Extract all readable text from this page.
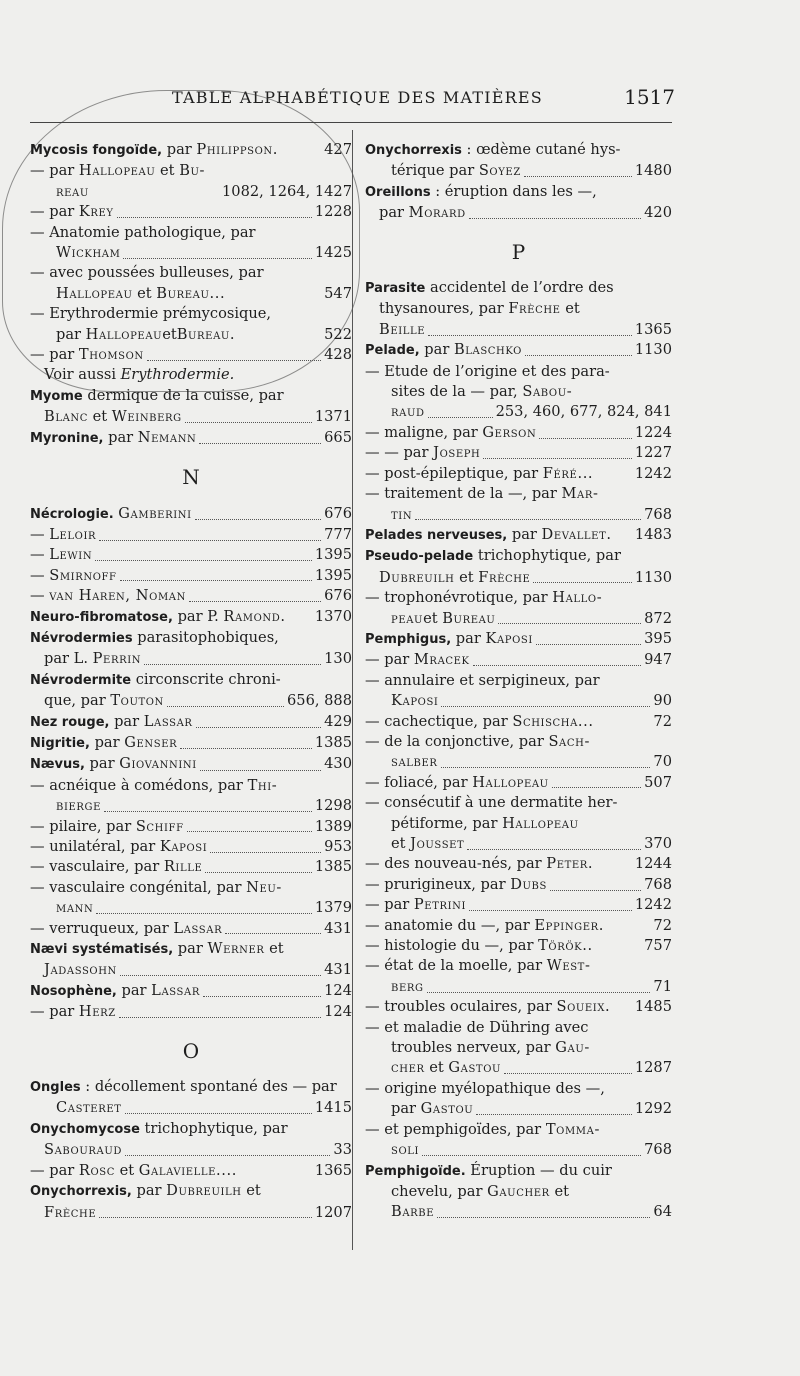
TABLE ALPHABÉTIQUE DES MATIÈRES	1517
Mycosis fongoïde, par Philippson.	427
— par Hallopeau et Bu-
reau	1082, 1264, 1427
— par Krey	1228
— Anatomie pathologique, par
Wickham	1425
— avec poussées bulleuses, par
Hallopeau et Bureau...	547
— Erythrodermie prémycosique,
par HallopeauetBureau.	522
— par Thomson	428
Voir aussi Erythrodermie.
Myome dermique de la cuisse, par
Blanc et Weinberg	1371
Myronine, par Nemann	665
N
Nécrologie. Gamberini	676
— Leloir	777
— Lewin	1395
— Smirnoff	1395
— van Haren, Noman	676
Neuro-fibromatose, par P. Ramond. 1370
Névrodermies parasitophobiques,
par L. Perrin	130
Névrodermite circonscrite chroni-
que, par Touton	656, 888
Nez rouge, par Lassar	429
Nigritie, par Genser	1385
Nævus, par Giovannini	430
— acnéique à comédons, par Thi-
bierge	1298
— pilaire, par Schiff	1389
— unilatéral, par Kaposi	953
— vasculaire, par Rille	1385
— vasculaire congénital, par Neu-
mann	1379
— verruqueux, par Lassar	431
Nævi systématisés, par Werner et
Jadassohn	431
Nosophène, par Lassar	124
— par Herz	124
O
Ongles : décollement spontané des — par
Casteret	1415
Onychomycose trichophytique, par
Sabouraud	33
— par Rosc et Galavielle....	1365
Onychorrexis, par Dubreuilh et
Frèche	1207
Onychorrexis : œdème cutané hys-
térique par Soyez	1480
Oreillons : éruption dans les —,
par Morard	420
P
Parasite accidentel de l’ordre des
thysanoures, par Frèche et
Beille	1365
Pelade, par Blaschko	1130
— Etude de l’origine et des para-
sites de la — par, Sabou-
raud	253, 460, 677, 824, 841
— maligne, par Gerson	1224
— — par Joseph	1227
— post-épileptique, par Féré...	1242
— traitement de la —, par Mar-
tin	768
Pelades nerveuses, par Devallet. 1483
Pseudo-pelade trichophytique, par
Dubreuilh et Frèche	1130
— trophonévrotique, par Hallo-
peauet Bureau	872
Pemphigus, par Kaposi	395
— par Mracek	947
— annulaire et serpigineux, par
Kaposi	90
— cachectique, par Schischa...	72
— de la conjonctive, par Sach-
salber	70
— foliacé, par Hallopeau	507
— consécutif à une dermatite her-
pétiforme, par Hallopeau
et Jousset	370
— des nouveau-nés, par Peter.	1244
— prurigineux, par Dubs	768
— par Petrini	1242
— anatomie du —, par Eppinger.	72
— histologie du —, par Török..	757
— état de la moelle, par West-
berg	71
— troubles oculaires, par Soueix. 1485
— et maladie de Dühring avec
troubles nerveux, par Gau-
cher et Gastou	1287
— origine myélopathique des —,
par Gastou	1292
— et pemphigoïdes, par Tomma-
soli	768
Pemphigoïde. Éruption — du cuir
chevelu, par Gaucher et
Barbe	64
